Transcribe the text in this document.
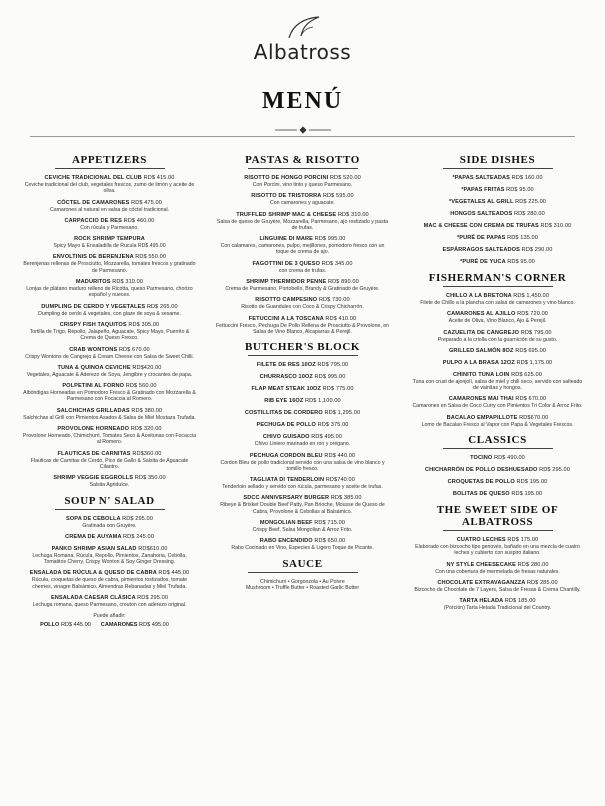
Albatross
MENÚ
APPETIZERS
CEVICHE TRADICIONAL DEL CLUB RD$ 415.00
Ceviche tradicional del club, vegetales frescos, zumo de limón y aceite de oliva.
CÓCTEL DE CAMARONES RD$ 475.00
Camarones al natural en salsa de cóctel tradicional.
CARPACCIO DE RES RD$ 460.00
Con rúcula y Parmesano.
ROCK SHRIMP TEMPURA
Spicy Mayo & Ensaladilla de Rucula RD$ 495.00
ENVOLTINIS DE BERENJENA RD$ 550.00
Berenjenas rellenas de Prosciutto, Mozzarella, tomates frescos y gratinado de Parmesano.
MADURITOS RD$ 310.00
Lonjas de plátano maduro relleno de Ricotta, queso Parmesano, chorizo español y nueces.
DUMPLING DE CERDO Y VEGETALES RD$ 265.00
Dumpling de cerdo & vegetales, con glaze de soya & sesame.
CRISPY FISH TAQUITOS RD$ 305.00
Tortilla de Trigo, Repollo, Jalapeño, Aguacate, Spicy Mayo, Puerrito & Crema de Queso Fresco.
CRAB WONTONS RD$ 670.00
Crispy Wontons de Cangrejo & Cream Cheese con Salsa de Sweet Chilli.
TUNA & QUINOA CEVICHE RD$420.00
Vegetales, Aguacate & Aderezo de Soya, Jengibre y crocantes de papa.
POLPETINI AL FORNO RD$ 560.00
Albóndigas Horneadas en Pomodoro Fresco & Gratinado con Mozzarella & Parmesano con Focaccia al Romero.
SALCHICHAS GRILLADAS RD$ 380.00
Salchichas al Grill con Pimientos Asados & Salsa de Miel Mostaza Trufada.
PROVOLONE HORNEADO RD$ 320.00
Provolone Horneado, Chimichurri, Tomates Seco & Aceitunas con Focaccia al Romero.
FLAUTICAS DE CARNITAS RD$360.00
Flauticas de Carnitas de Cerdo, Pico de Gallo & Salsita de Aguacate Cilantro.
SHRIMP VEGGIE EGGROLLS RD$ 350.00
Salsita Agridulce.
SOUP N' SALAD
SOPA DE CEBOLLA RD$ 295.00
Gratinada con Gruyère.
CREMA DE AUYAMA RD$ 245.00
PANKO SHRIMP ASIAN SALAD RD$610.00
Lechuga Romana, Rúcula, Repollo, Pimientos, Zanahoria, Cebolla, Tomatitos Cherry, Crispy Wonton & Soy Ginger Dressing.
ENSALADA DE RÚCULA & QUESO DE CABRA RD$ 445.00
Rúcula, croquetas de queso de cabra, pimientos rostizados, tomate cherries, vinagre Balsámico, Almendras Rebanadas y Miel Trufada.
ENSALADA CAESAR CLÁSICA RD$ 295.00
Lechuga romana, queso Parmesano, crouton con aderezo original.
Puede añadir:
POLLO RD$ 445.00 CAMARONES RD$ 495.00
PASTAS & RISOTTO
RISOTTO DE HONGO PORCINI RD$ 520.00
Con Porcini, vino tinto y queso Parmesano.
RISOTTO DE TRISTORRA RD$ 595.00
Con camarones y aguacate.
TRUFFLED SHRIMP MAC & CHEESE RD$ 310.00
Salsa de queso de Gruyère, Mozzarella, Parmesano, ajo rostizado y pasta de trufas.
LINGUINE DI MARE RD$ 995.00
Con calamares, camarones, pulpo, mejillones, pomodoro fresco con un toque de crema de ajo.
FAGOTTINI DE 3 QUESO RD$ 345.00
con crema de trufas.
SHRIMP THERMIDOR PENNE RD$ 890.00
Crema de Parmesano, Portobello, Brandy & Gratinado de Gruyère.
RISOTTO CAMPESINO RD$ 730.00
Risotto de Guandules con Coco & Crispy Chicharrón.
FETUCCINI A LA TOSCANA RD$ 410.00
Fettuccini Fresco, Pechuga De Pollo Rellena de Prosciutto & Provolone, en Salsa de Vino Blanco, Alcaparras & Perejil.
BUTCHER'S BLOCK
FILETE DE RES 10OZ RD$ 795.00
CHURRASCO 10OZ RD$ 995.00
FLAP MEAT STEAK 10OZ RD$ 775.00
RIB EYE 16OZ RD$ 1,100.00
COSTILLITAS DE CORDERO RD$ 1,295.00
PECHUGA DE POLLO RD$ 375.00
CHIVO GUISADO RD$ 495.00
Chivo Liniero marinado en ron y orégano.
PECHUGA CORDON BLEU RD$ 440.00
Cordon Bleu de pollo tradicional servido con una salsa de vino blanco y tomillo fresco.
TAGLIATA DI TENDERLOIN RD$740.00
Tenderloin sellado y servido con rúcula, parmesano y aceite de trufas.
SDCC ANNIVERSARY BURGER RD$ 385.00
Ribeye & Brisket Double Beef Patty, Pan Brioche, Mousse de Queso de Cabra, Provolone & Cebollas al Balsámico.
MONGOLIAN BEEF RD$ 715.00
Crispy Beef, Salsa Mongolian & Arroz Frito.
RABO ENCENDIDO RD$ 650.00
Rabo Cocinado en Vino, Especies & Ligero Toque de Picante.
SAUCE
Chimichurri • Gorgonzola • Au Poivre
Mushroom • Truffle Butter • Roasted Garlic Butter
SIDE DISHES
*PAPAS SALTEADAS RD$ 160.00
*PAPAS FRITAS RD$ 95.00
*VEGETALES AL GRILL RD$ 225.00
HONGOS SALTEADOS RD$ 280.00
MAC & CHEESE CON CREMA DE TRUFAS RD$ 310.00
*PURÉ DE PAPAS RD$ 135.00
ESPÁRRAGOS SALTEADOS RD$ 290.00
*PURÉ DE YUCA RD$ 95.00
FISHERMAN'S CORNER
CHILLO A LA BRETONA RD$ 1,450.00
Filete de Chillo a la plancha con salsa de camarones y vino blanco.
CAMARONES AL AJILLO RD$ 720.00
Aceite de Oliva, Vino Blanco, Ajo & Perejil.
CAZUELITA DE CANGREJO RD$ 795.00
Preparado a la criolla con la guarnición de su gusto.
GRILLED SALMÓN 8OZ RD$ 695.00
PULPO A LA BRASA 12OZ RD$ 1,175.00
CHINITO TUNA LOIN RD$ 625.00
Tuna con crust de ajonjolí, salsa de miel y chili seco, servido con salteado de vainitas y hongos.
CAMARONES MAI THAI RD$ 670.00
Camarones en Salsa de Coco Curry con Pimientos Tri Color & Arroz Frito.
BACALAO EMPAPILLOTE RD$670.00
Lomo de Bacalao Fresco al Vapor con Papa & Vegetales Frescos.
CLASSICS
TOCINO RD$ 490.00
CHICHARRÓN DE POLLO DESHUESADO RD$ 295.00
CROQUETAS DE POLLO RD$ 195.00
BOLITAS DE QUESO RD$ 195.00
THE SWEET SIDE OF ALBATROSS
CUATRO LECHES RD$ 175.00
Elaborado con bizcocho tipo genovés, bañado en una mezcla de cuatro leches y cubierto con suspiro italiano.
NY STYLE CHEESECAKE RD$ 280.00
Con una cobertura de mermelada de fresas naturales.
CHOCOLATE EXTRAVAGANZZA RD$ 285.00
Bizcocho de Chocolate de 7 Layers, Salsa de Fresas & Crema Chantilly.
TARTA HELADA RD$ 185.00
(Porción) Tarta Helada Tradicional del Country.
